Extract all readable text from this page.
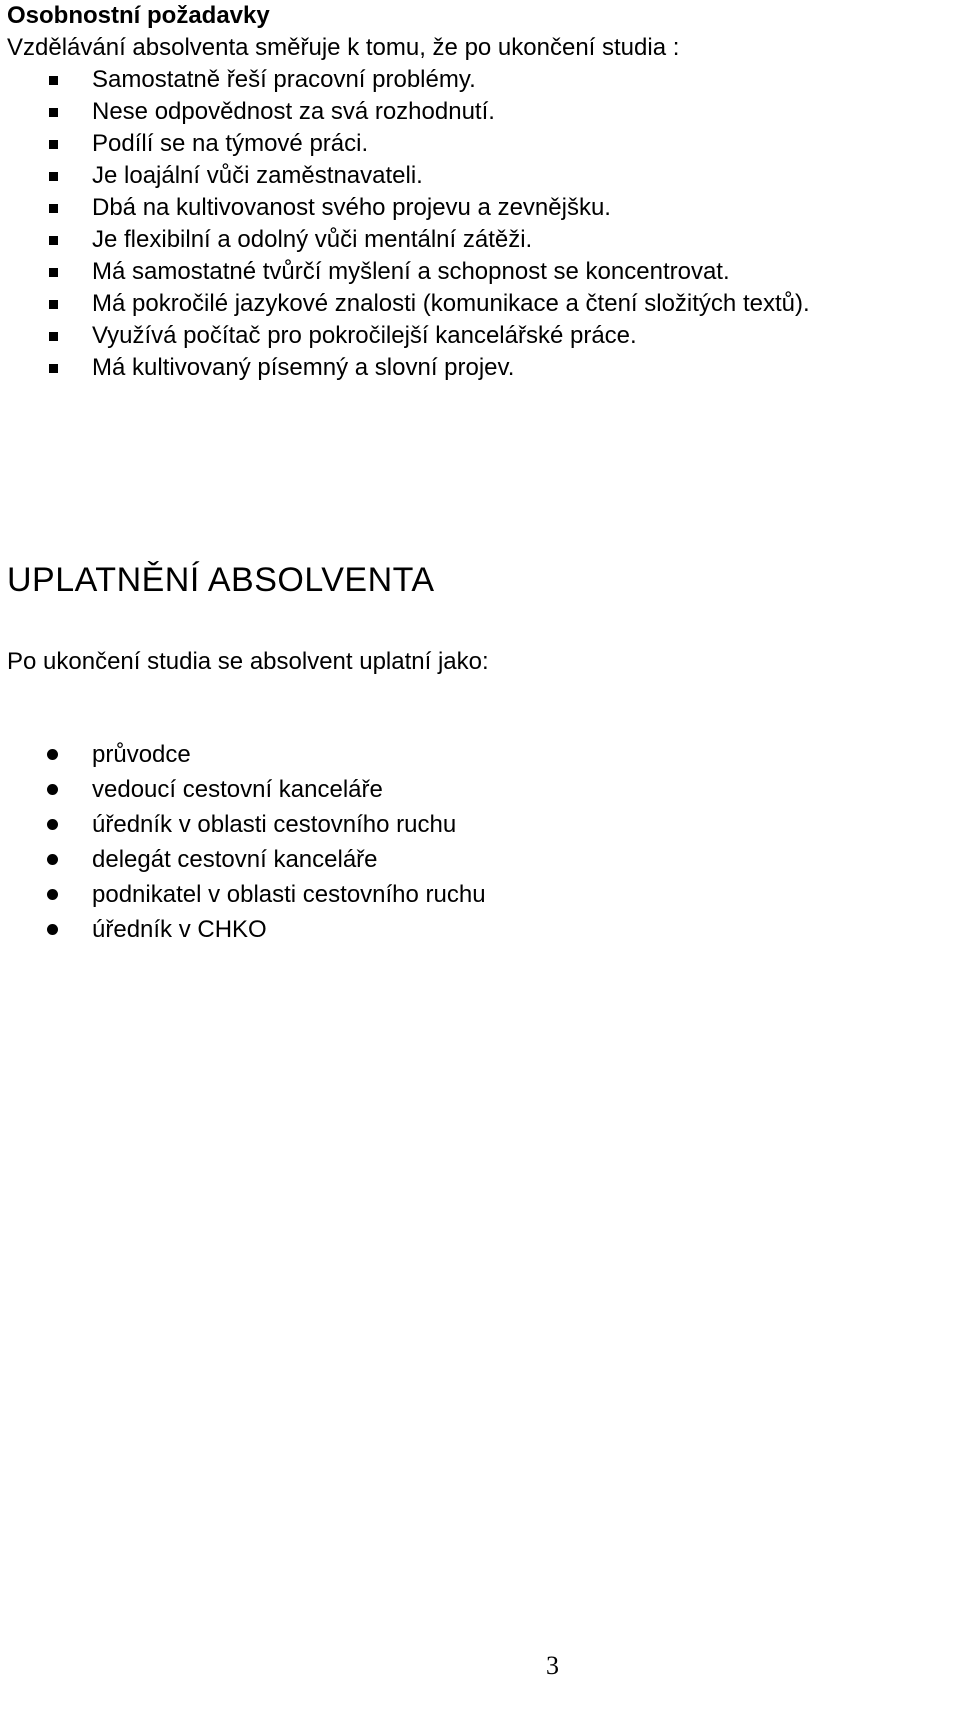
Osobnostní požadavky

Vzdělávání absolventa směřuje k tomu, že po ukončení studia :

Samostatně řeší pracovní problémy.
Nese odpovědnost za svá rozhodnutí.
Podílí se na týmové práci.
Je loajální vůči zaměstnavateli.
Dbá na kultivovanost svého projevu a zevnějšku.
Je flexibilní a odolný vůči mentální zátěži.
Má samostatné tvůrčí myšlení a schopnost se koncentrovat.
Má pokročilé jazykové znalosti (komunikace a čtení složitých textů).
Využívá počítač pro pokročilejší kancelářské práce.
Má kultivovaný písemný a slovní projev.
UPLATNĚNÍ ABSOLVENTA

Po ukončení studia se absolvent uplatní jako:

průvodce
vedoucí cestovní kanceláře
úředník v oblasti cestovního ruchu
delegát cestovní kanceláře
podnikatel v oblasti cestovního ruchu
úředník v CHKO

3
